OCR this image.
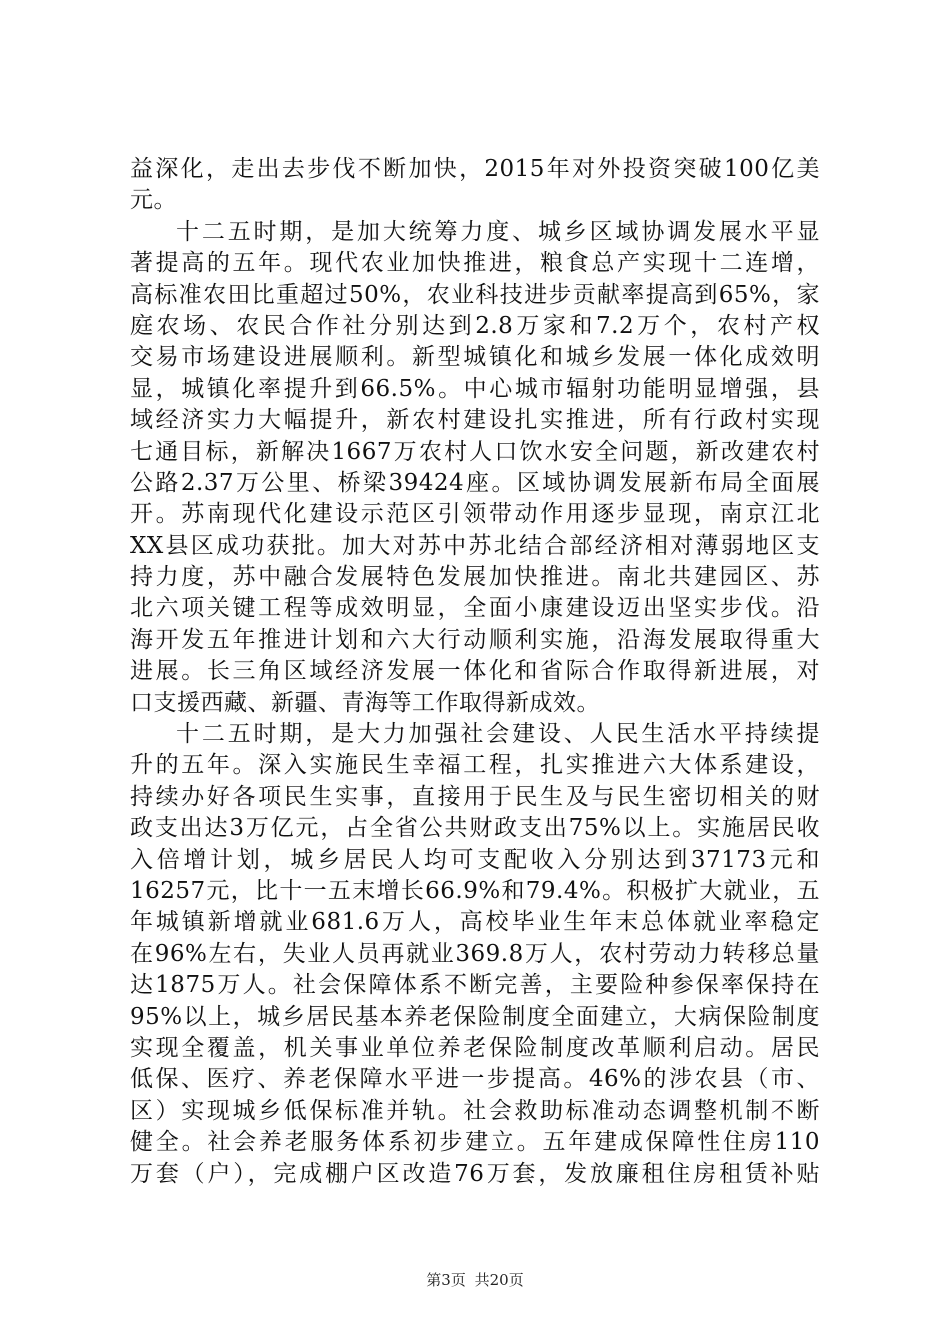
益深化，走出去步伐不断加快，2015年对外投资突破100亿美
元。
十二五时期，是加大统筹力度、城乡区域协调发展水平显
著提高的五年。现代农业加快推进，粮食总产实现十二连增，
高标准农田比重超过50%，农业科技进步贡献率提高到65%，家
庭农场、农民合作社分别达到2.8万家和7.2万个，农村产权
交易市场建设进展顺利。新型城镇化和城乡发展一体化成效明
显，城镇化率提升到66.5%。中心城市辐射功能明显增强，县
域经济实力大幅提升，新农村建设扎实推进，所有行政村实现
七通目标，新解决1667万农村人口饮水安全问题，新改建农村
公路2.37万公里、桥梁39424座。区域协调发展新布局全面展
开。苏南现代化建设示范区引领带动作用逐步显现，南京江北
XX县区成功获批。加大对苏中苏北结合部经济相对薄弱地区支
持力度，苏中融合发展特色发展加快推进。南北共建园区、苏
北六项关键工程等成效明显，全面小康建设迈出坚实步伐。沿
海开发五年推进计划和六大行动顺利实施，沿海发展取得重大
进展。长三角区域经济发展一体化和省际合作取得新进展，对
口支援西藏、新疆、青海等工作取得新成效。
十二五时期，是大力加强社会建设、人民生活水平持续提
升的五年。深入实施民生幸福工程，扎实推进六大体系建设，
持续办好各项民生实事，直接用于民生及与民生密切相关的财
政支出达3万亿元，占全省公共财政支出75%以上。实施居民收
入倍增计划，城乡居民人均可支配收入分别达到37173元和
16257元，比十一五末增长66.9%和79.4%。积极扩大就业，五
年城镇新增就业681.6万人，高校毕业生年末总体就业率稳定
在96%左右，失业人员再就业369.8万人，农村劳动力转移总量
达1875万人。社会保障体系不断完善，主要险种参保率保持在
95%以上，城乡居民基本养老保险制度全面建立，大病保险制度
实现全覆盖，机关事业单位养老保险制度改革顺利启动。居民
低保、医疗、养老保障水平进一步提高。46%的涉农县（市、
区）实现城乡低保标准并轨。社会救助标准动态调整机制不断
健全。社会养老服务体系初步建立。五年建成保障性住房110
万套（户），完成棚户区改造76万套，发放廉租住房租赁补贴
第3页 共20页
